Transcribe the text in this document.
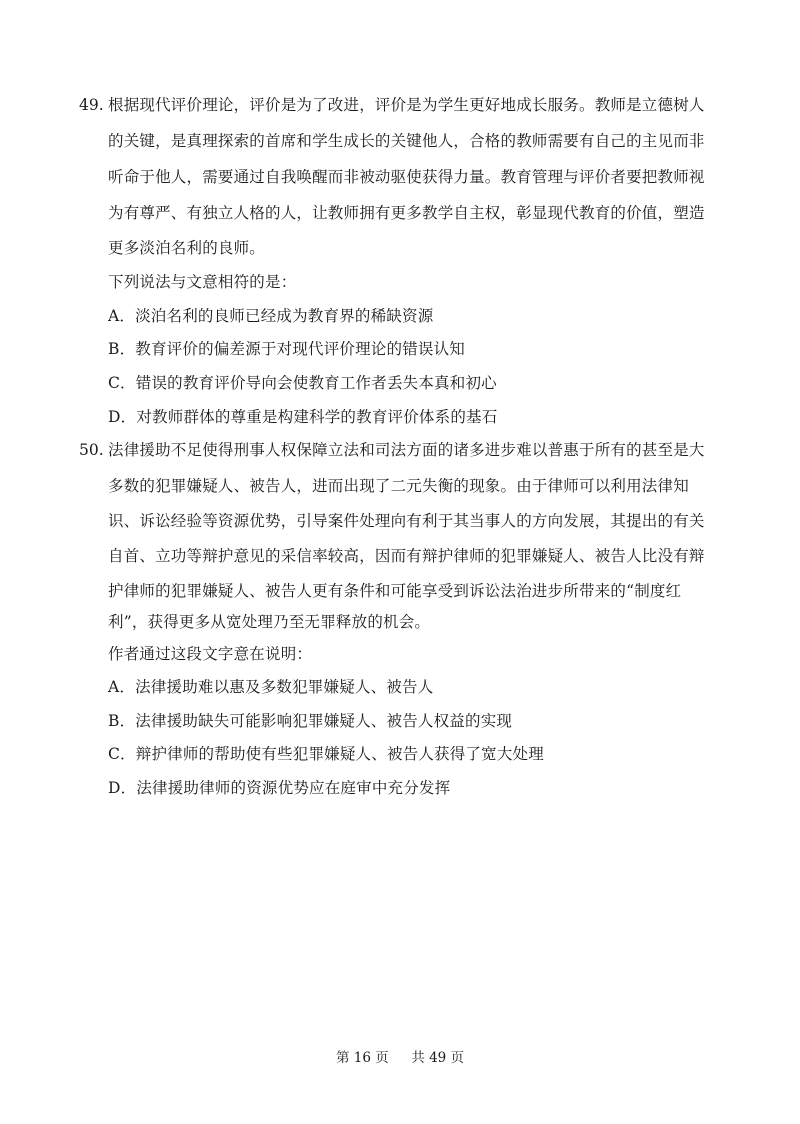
49. 根据现代评价理论，评价是为了改进，评价是为学生更好地成长服务。教师是立德树人
的关键，是真理探索的首席和学生成长的关键他人，合格的教师需要有自己的主见而非
听命于他人，需要通过自我唤醒而非被动驱使获得力量。教育管理与评价者要把教师视
为有尊严、有独立人格的人，让教师拥有更多教学自主权，彰显现代教育的价值，塑造
更多淡泊名利的良师。
下列说法与文意相符的是：
A．淡泊名利的良师已经成为教育界的稀缺资源
B．教育评价的偏差源于对现代评价理论的错误认知
C．错误的教育评价导向会使教育工作者丢失本真和初心
D．对教师群体的尊重是构建科学的教育评价体系的基石
50. 法律援助不足使得刑事人权保障立法和司法方面的诸多进步难以普惠于所有的甚至是大
多数的犯罪嫌疑人、被告人，进而出现了二元失衡的现象。由于律师可以利用法律知
识、诉讼经验等资源优势，引导案件处理向有利于其当事人的方向发展，其提出的有关
自首、立功等辩护意见的采信率较高，因而有辩护律师的犯罪嫌疑人、被告人比没有辩
护律师的犯罪嫌疑人、被告人更有条件和可能享受到诉讼法治进步所带来的“制度红
利”，获得更多从宽处理乃至无罪释放的机会。
作者通过这段文字意在说明：
A．法律援助难以惠及多数犯罪嫌疑人、被告人
B．法律援助缺失可能影响犯罪嫌疑人、被告人权益的实现
C．辩护律师的帮助使有些犯罪嫌疑人、被告人获得了宽大处理
D．法律援助律师的资源优势应在庭审中充分发挥
第 16 页 共 49 页
